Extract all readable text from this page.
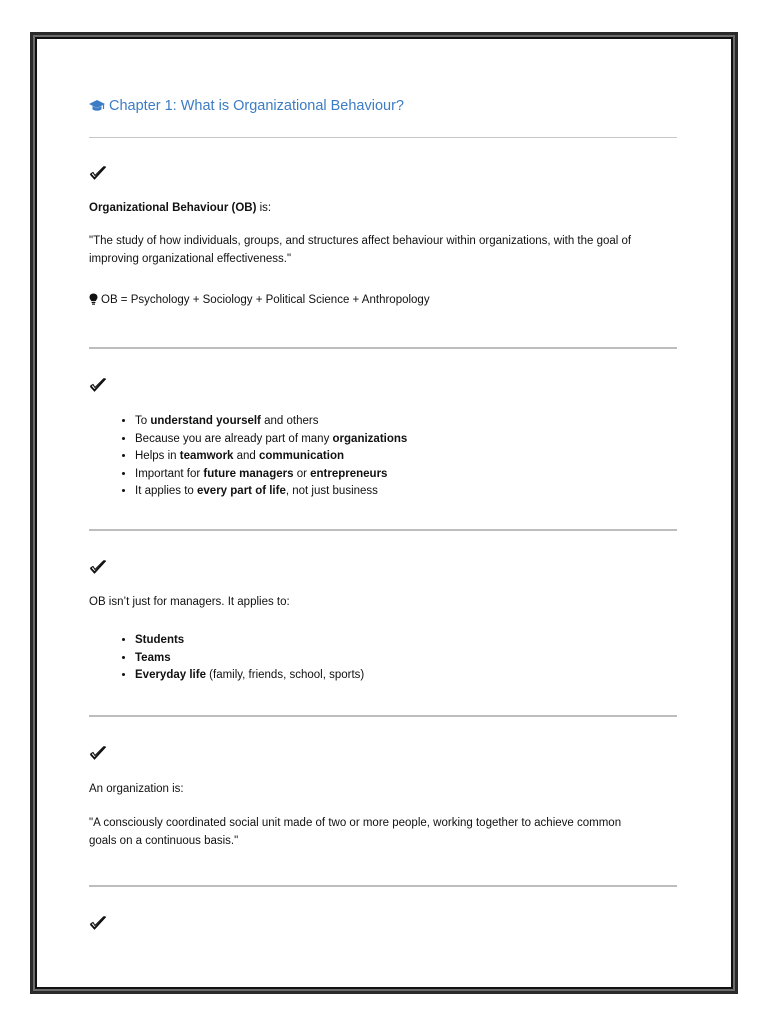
Chapter 1: What is Organizational Behaviour?

Organizational Behaviour (OB) is:

"The study of how individuals, groups, and structures affect behaviour within organizations, with the goal of improving organizational effectiveness."

OB = Psychology + Sociology + Political Science + Anthropology

• To understand yourself and others
• Because you are already part of many organizations
• Helps in teamwork and communication
• Important for future managers or entrepreneurs
• It applies to every part of life, not just business

OB isn’t just for managers. It applies to:

• Students
• Teams
• Everyday life (family, friends, school, sports)

An organization is:

"A consciously coordinated social unit made of two or more people, working together to achieve common goals on a continuous basis."
